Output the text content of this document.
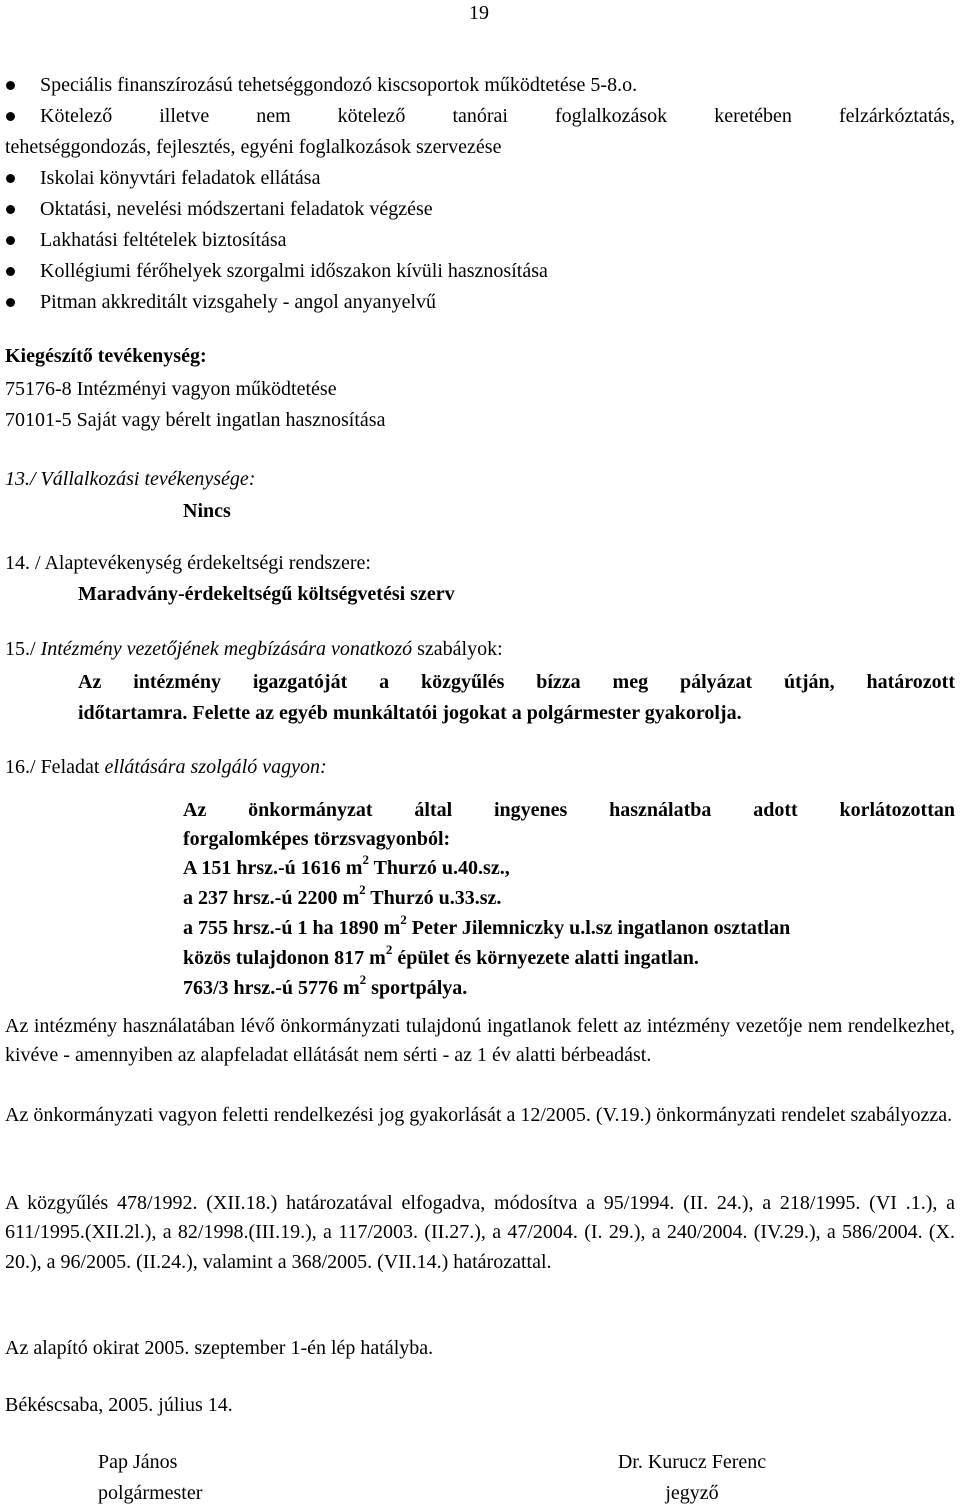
19
Speciális finanszírozású tehetséggondozó kiscsoportok működtetése 5-8.o.
Kötelező illetve nem kötelező tanórai foglalkozások keretében felzárkóztatás,
tehetséggondozás, fejlesztés, egyéni foglalkozások szervezése
Iskolai könyvtári feladatok ellátása
Oktatási, nevelési módszertani feladatok végzése
Lakhatási feltételek biztosítása
Kollégiumi férőhelyek szorgalmi időszakon kívüli hasznosítása
Pitman akkreditált vizsgahely - angol anyanyelvű
Kiegészítő tevékenység:
75176-8 Intézményi vagyon működtetése
70101-5 Saját vagy bérelt ingatlan hasznosítása
13./ Vállalkozási tevékenysége:
Nincs
14. / Alaptevékenység érdekeltségi rendszere:
Maradvány-érdekeltségű költségvetési szerv
15./ Intézmény vezetőjének megbízására vonatkozó szabályok:
Az intézmény igazgatóját a közgyűlés bízza meg pályázat útján, határozott
időtartamra. Felette az egyéb munkáltatói jogokat a polgármester gyakorolja.
16./ Feladat ellátására szolgáló vagyon:
Az önkormányzat által ingyenes használatba adott korlátozottan
forgalomképes törzsvagyonból:
A 151 hrsz.-ú 1616 $m^2$ Thurzó u.40.sz.,
a 237 hrsz.-ú 2200 $m^2$ Thurzó u.33.sz.
a 755 hrsz.-ú 1 ha 1890 $m^2$ Peter Jilemniczky u.l.sz ingatlanon osztatlan
közös tulajdonon 817 $m^2$ épület és környezete alatti ingatlan.
763/3 hrsz.-ú 5776 $m^2$ sportpálya.
Az intézmény használatában lévő önkormányzati tulajdonú ingatlanok felett az intézmény vezetője nem rendelkezhet, kivéve - amennyiben az alapfeladat ellátását nem sérti - az 1 év alatti bérbeadást.
Az önkormányzati vagyon feletti rendelkezési jog gyakorlását a 12/2005. (V.19.) önkormányzati rendelet szabályozza.
A közgyűlés 478/1992. (XII.18.) határozatával elfogadva, módosítva a 95/1994. (II. 24.), a 218/1995. (VI .1.), a 611/1995.(XII.2l.), a 82/1998.(III.19.), a 117/2003. (II.27.), a 47/2004. (I. 29.), a 240/2004. (IV.29.), a 586/2004. (X. 20.), a 96/2005. (II.24.), valamint a 368/2005. (VII.14.) határozattal.
Az alapító okirat 2005. szeptember 1-én lép hatályba.
Békéscsaba, 2005. július 14.
Pap János
polgármester
Dr. Kurucz Ferenc
jegyző
